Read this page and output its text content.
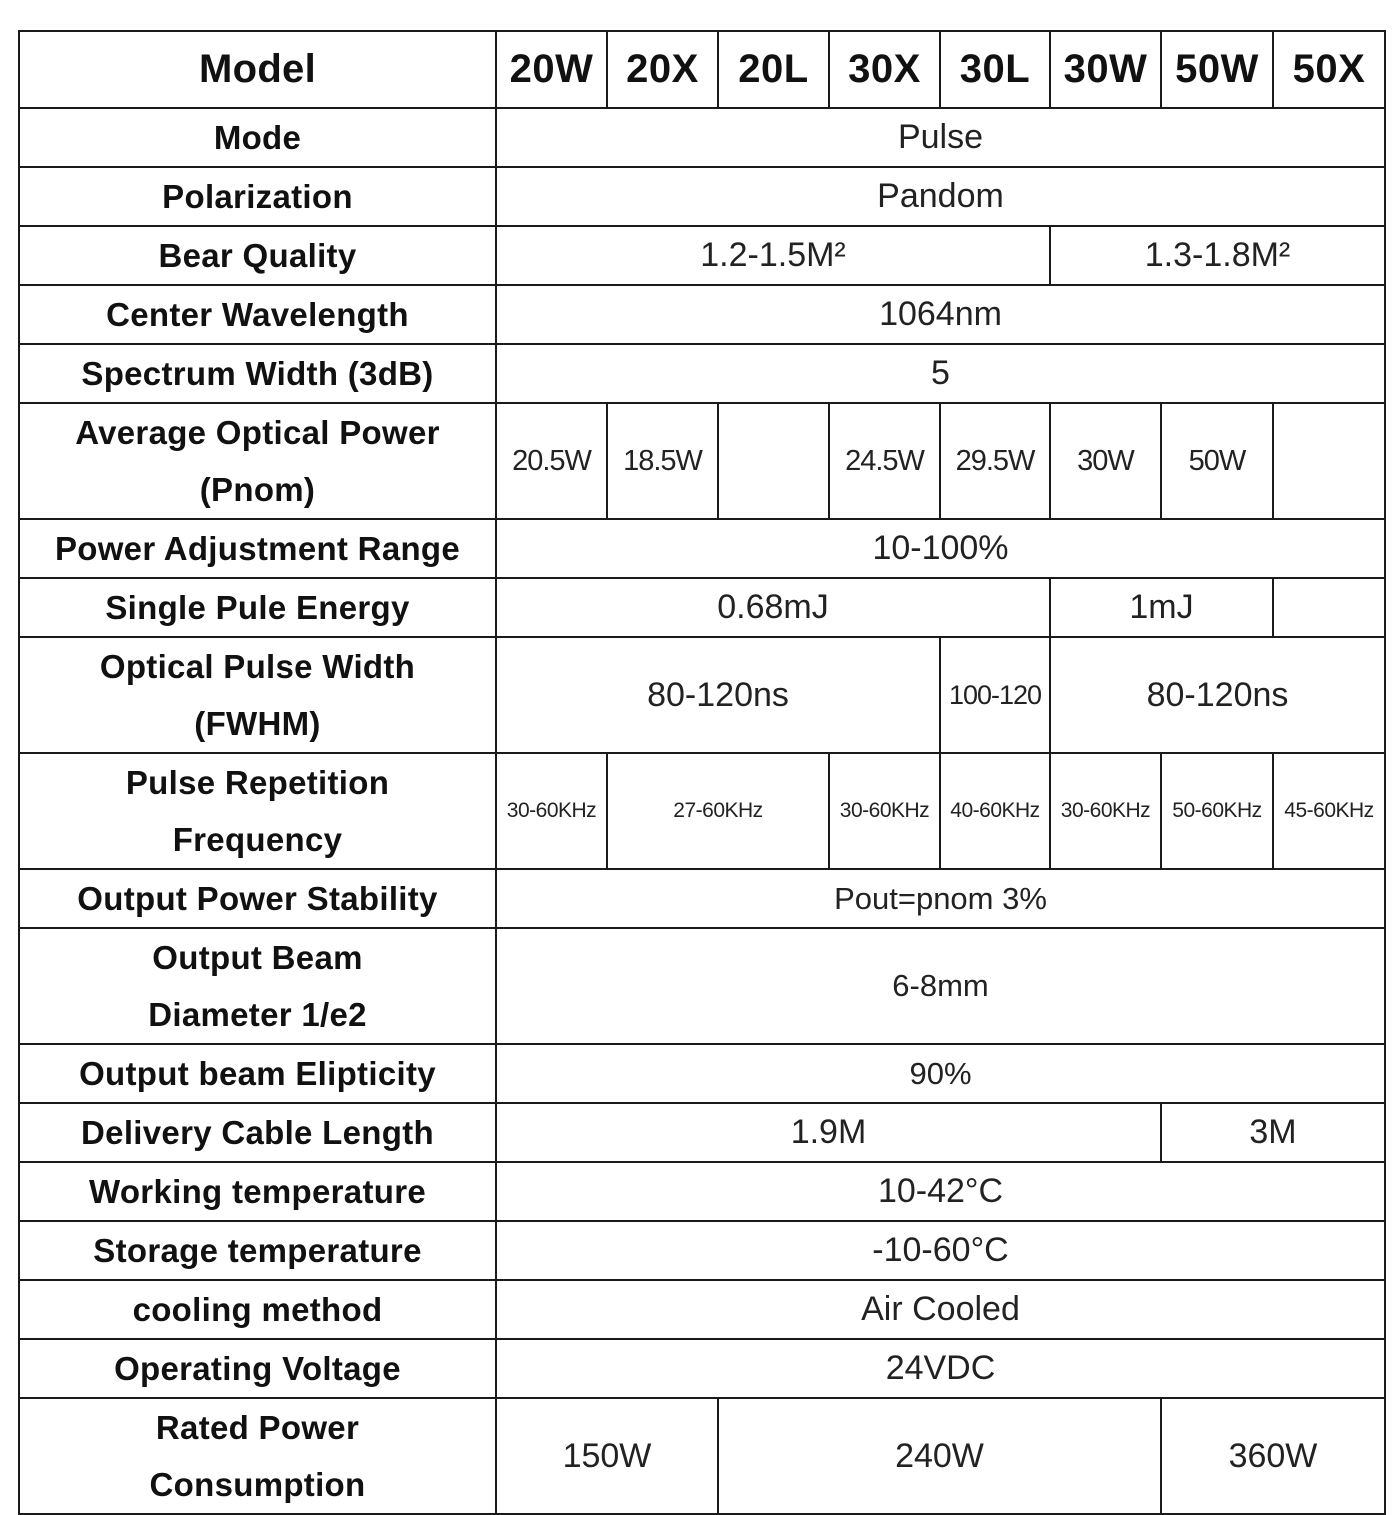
Model	20W	20X	20L	30X	30L	30W	50W	50X
Mode	Pulse							
Polarization	Pandom							
Bear Quality	1.2-1.5M²					1.3-1.8M²		
Center Wavelength	1064nm							
Spectrum Width (3dB)	5							

Average Optical Power
(Pnom)	20.5W	18.5W		24.5W	29.5W	30W	50W	
Power Adjustment Range	10-100%							
Single Pule Energy	0.68mJ					1mJ		

Optical Pulse Width
(FWHM)	80-120ns				100-120	80-120ns		

Pulse Repetition
Frequency	30-60KHz	27-60KHz		30-60KHz	40-60KHz	30-60KHz	50-60KHz	45-60KHz
Output Power Stability	Pout=pnom 3%							

Output Beam
Diameter 1/e2	6-8mm							
Output beam Elipticity	90%							
Delivery Cable Length	1.9M						3M	
Working temperature	10-42°C							
Storage temperature	-10-60°C							
cooling method	Air Cooled							
Operating Voltage	24VDC							

Rated Power
Consumption	150W		240W				360W	
